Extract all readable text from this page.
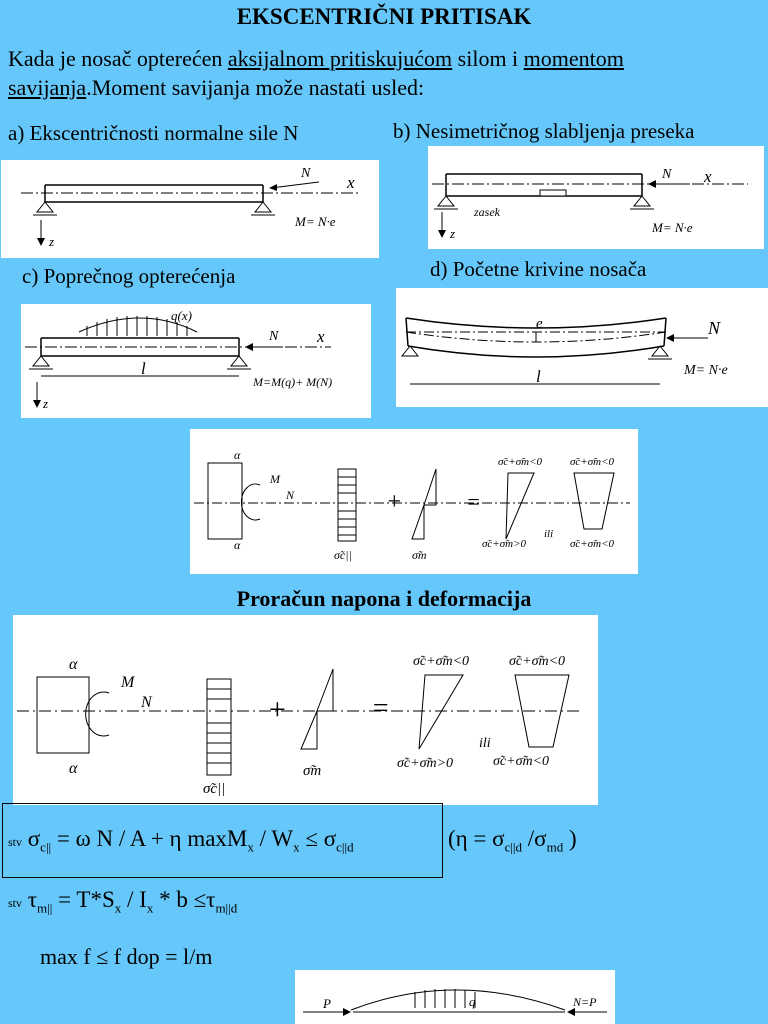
EKSCENTRIČNI PRITISAK
Kada je nosač opterećen aksijalnom pritiskujućom silom i momentom savijanja.Moment savijanja može nastati usled:
a) Ekscentričnosti normalne sile N	b) Nesimetričnog slabljenja preseka
c) Poprečnog opterećenja	d) Početne krivine nosača
z
N x
M= N·e
z
N x
zasek
M= N·e
z
l
q(x)
N x
M=M(q)+ M(N)
e
l
N
M= N·e
α
α
M
N
σ̃c||
+
σ̃m
=
σ̃c+σ̃m<0
σ̃c+σ̃m>0
ili
σ̃c+σ̃m<0
σ̃c+σ̃m<0
Proračun napona i deformacija
α
α
M
N
σ̃c||
+
σ̃m
=
σ̃c+σ̃m<0
σ̃c+σ̃m>0
ili
σ̃c+σ̃m<0
σ̃c+σ̃m<0
stv $\sigma_{c||} = \omega$ N / A + η $\max M_x / W_x \le \sigma_{c||d}$	($\eta = \sigma_{c||d}$ $/\sigma_{md}$ )
stv $\tau_{m||} = T*S_x / I_x * b \le\tau_{m||d}$
max f ≤ f dop = l/m
P	q	N=P
